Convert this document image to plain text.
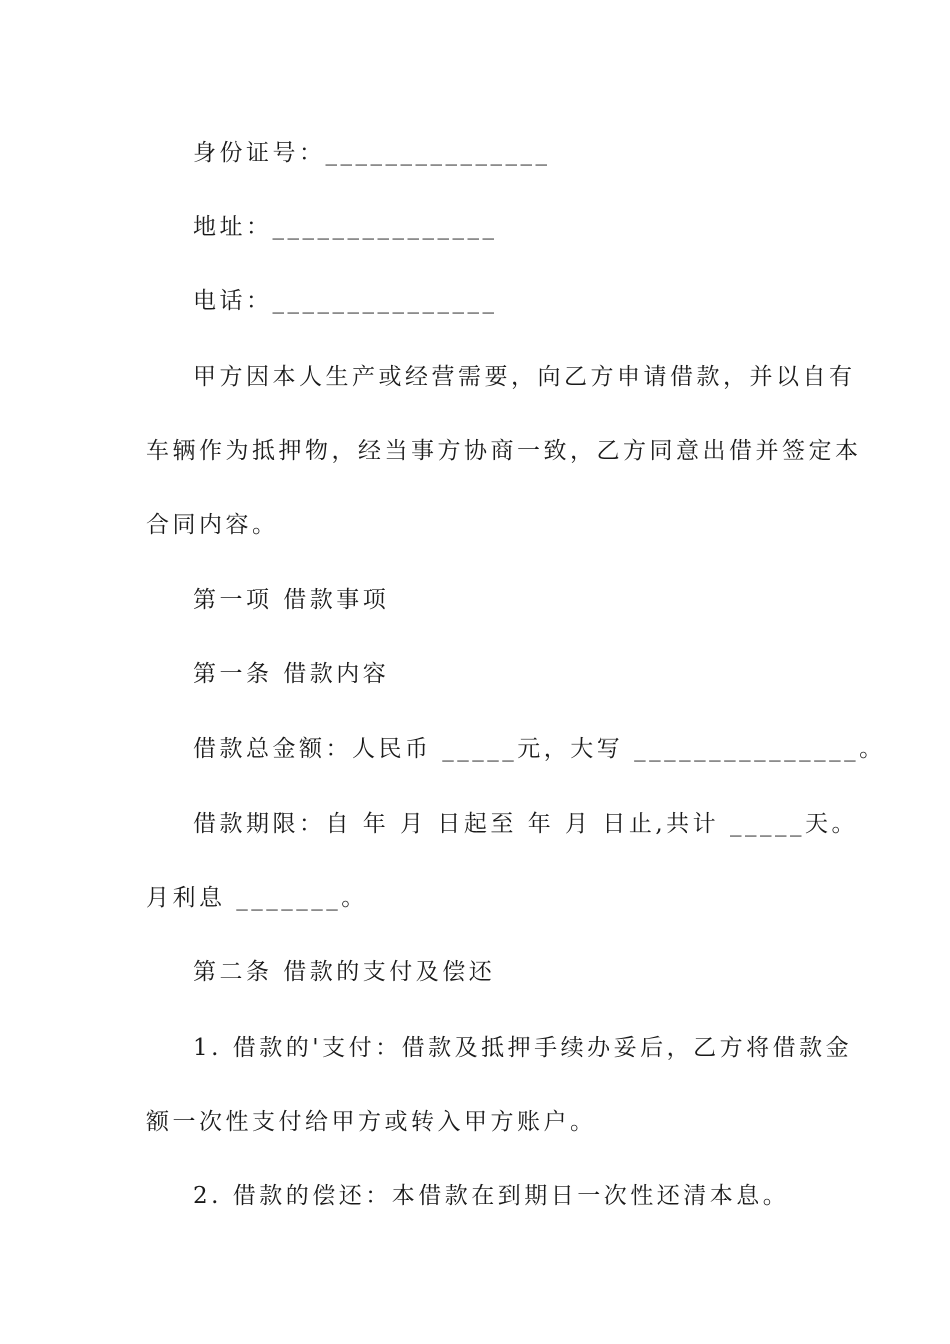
身份证号：_______________
地址：_______________
电话：_______________
甲方因本人生产或经营需要，向乙方申请借款，并以自有
车辆作为抵押物，经当事方协商一致，乙方同意出借并签定本
合同内容。
第一项 借款事项
第一条 借款内容
借款总金额：人民币 _____元，大写 _______________。
借款期限：自 年 月 日起至 年 月 日止,共计 _____天。
月利息 _______。
第二条 借款的支付及偿还
1. 借款的'支付：借款及抵押手续办妥后，乙方将借款金
额一次性支付给甲方或转入甲方账户。
2. 借款的偿还：本借款在到期日一次性还清本息。
